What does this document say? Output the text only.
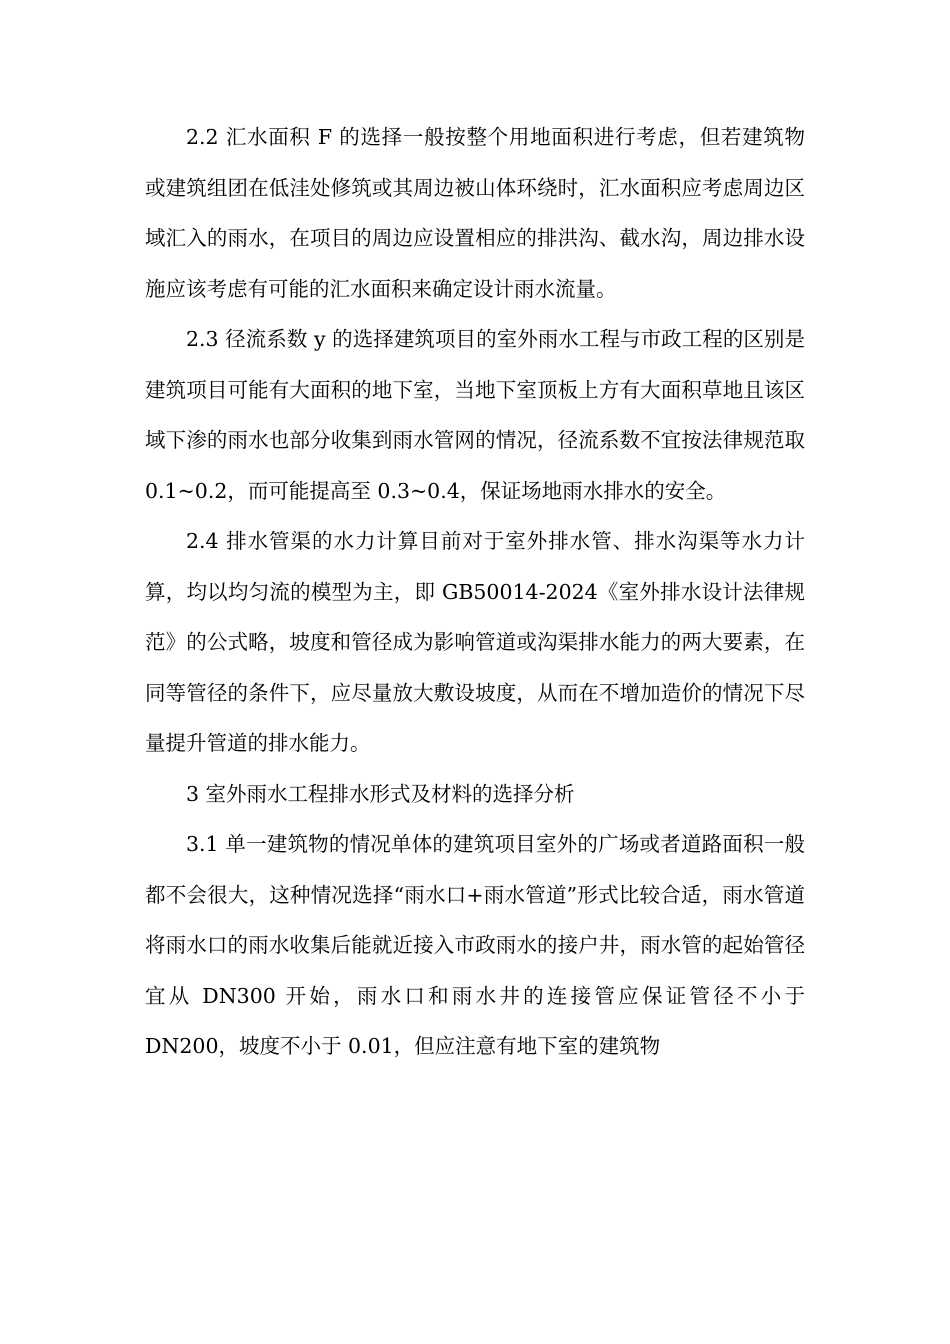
2.2 汇水面积 F 的选择一般按整个用地面积进行考虑，但若建筑物或建筑组团在低洼处修筑或其周边被山体环绕时，汇水面积应考虑周边区域汇入的雨水，在项目的周边应设置相应的排洪沟、截水沟，周边排水设施应该考虑有可能的汇水面积来确定设计雨水流量。

2.3 径流系数 y 的选择建筑项目的室外雨水工程与市政工程的区别是建筑项目可能有大面积的地下室，当地下室顶板上方有大面积草地且该区域下渗的雨水也部分收集到雨水管网的情况，径流系数不宜按法律规范取 0.1~0.2，而可能提高至 0.3~0.4，保证场地雨水排水的安全。

2.4 排水管渠的水力计算目前对于室外排水管、排水沟渠等水力计算，均以均匀流的模型为主，即 GB50014-2024《室外排水设计法律规范》的公式略，坡度和管径成为影响管道或沟渠排水能力的两大要素，在同等管径的条件下，应尽量放大敷设坡度，从而在不增加造价的情况下尽量提升管道的排水能力。

3 室外雨水工程排水形式及材料的选择分析

3.1 单一建筑物的情况单体的建筑项目室外的广场或者道路面积一般都不会很大，这种情况选择“雨水口+雨水管道”形式比较合适，雨水管道将雨水口的雨水收集后能就近接入市政雨水的接户井，雨水管的起始管径宜从 DN300 开始，雨水口和雨水井的连接管应保证管径不小于 DN200，坡度不小于 0.01，但应注意有地下室的建筑物
